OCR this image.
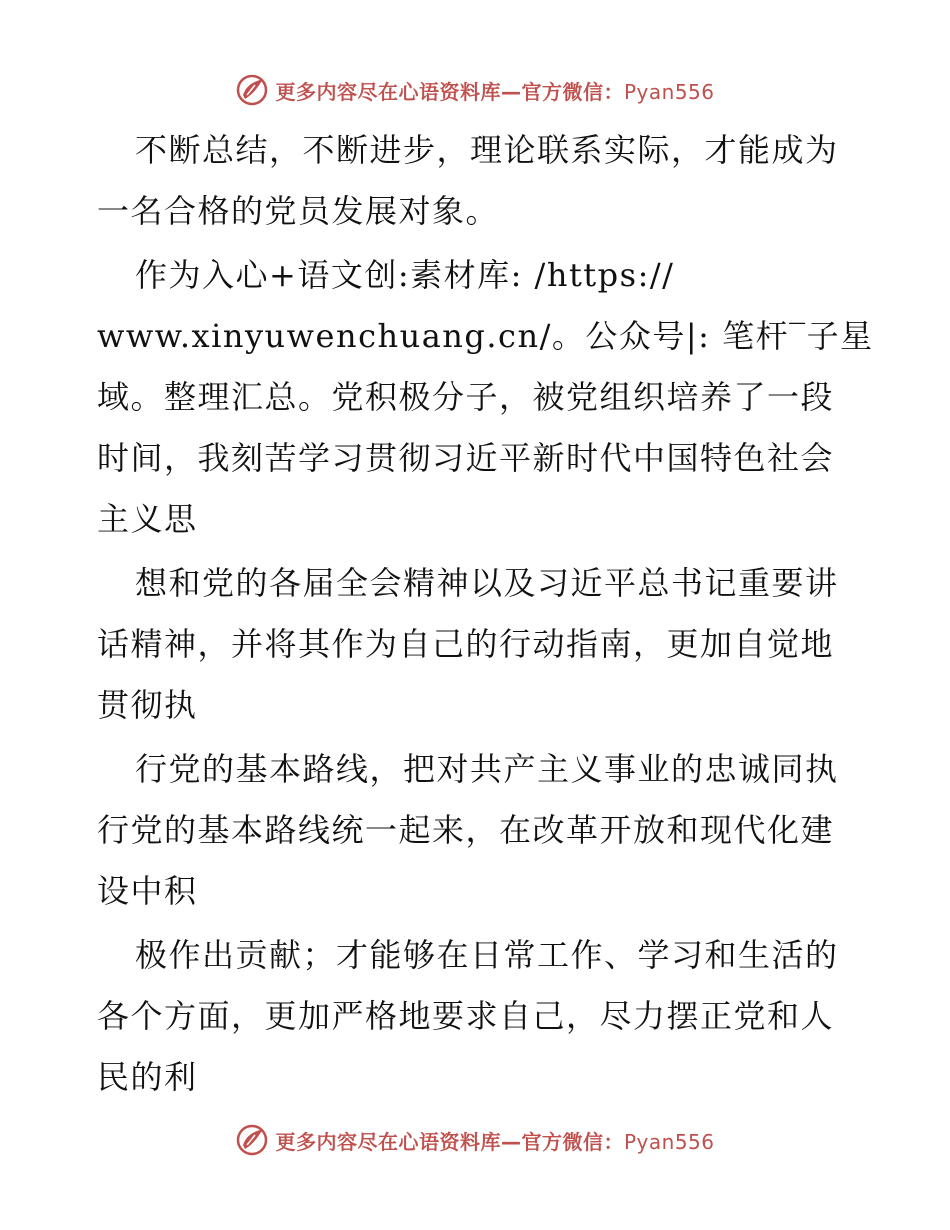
更多内容尽在心语资料库—官方微信：Pyan556
不断总结，不断进步，理论联系实际，才能成为
一名合格的党员发展对象。
作为入心+语文创:素材库: /https://
www.xinyuwenchuang.cn/。公众号|: 笔杆‾子星
域。整理汇总。党积极分子，被党组织培养了一段
时间，我刻苦学习贯彻习近平新时代中国特色社会
主义思
想和党的各届全会精神以及习近平总书记重要讲
话精神，并将其作为自己的行动指南，更加自觉地
贯彻执
行党的基本路线，把对共产主义事业的忠诚同执
行党的基本路线统一起来，在改革开放和现代化建
设中积
极作出贡献；才能够在日常工作、学习和生活的
各个方面，更加严格地要求自己，尽力摆正党和人
民的利
更多内容尽在心语资料库—官方微信：Pyan556
